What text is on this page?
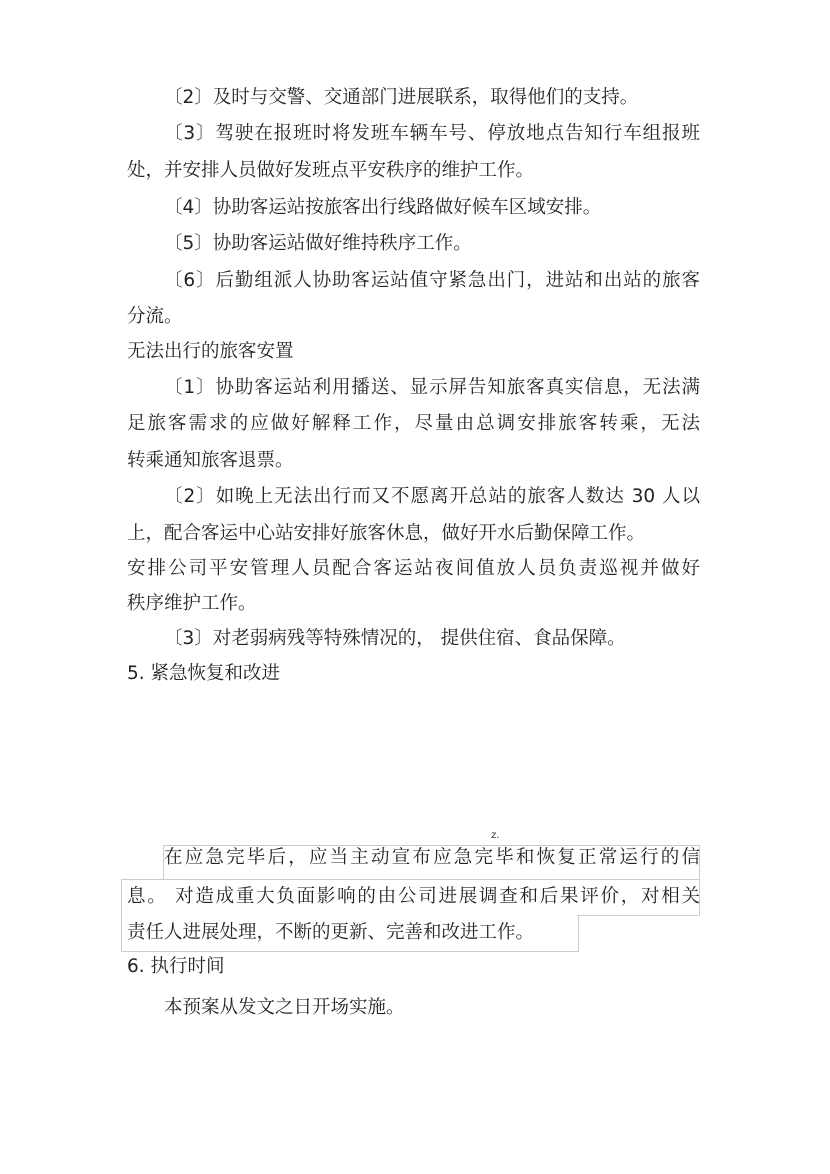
〔2〕及时与交警、交通部门进展联系，取得他们的支持。
〔3〕驾驶在报班时将发班车辆车号、停放地点告知行车组报班
处，并安排人员做好发班点平安秩序的维护工作。
〔4〕协助客运站按旅客出行线路做好候车区域安排。
〔5〕协助客运站做好维持秩序工作。
〔6〕后勤组派人协助客运站值守紧急出门，进站和出站的旅客
分流。
无法出行的旅客安置
〔1〕协助客运站利用播送、显示屏告知旅客真实信息，无法满
足旅客需求的应做好解释工作，尽量由总调安排旅客转乘，无法
转乘通知旅客退票。
〔2〕如晚上无法出行而又不愿离开总站的旅客人数达 30 人以
上，配合客运中心站安排好旅客休息，做好开水后勤保障工作。
安排公司平安管理人员配合客运站夜间值放人员负责巡视并做好
秩序维护工作。
〔3〕对老弱病残等特殊情况的， 提供住宿、食品保障。
5. 紧急恢复和改进
z.
在应急完毕后，应当主动宣布应急完毕和恢复正常运行的信
息。 对造成重大负面影响的由公司进展调查和后果评价，对相关
责任人进展处理，不断的更新、完善和改进工作。
6. 执行时间
本预案从发文之日开场实施。
